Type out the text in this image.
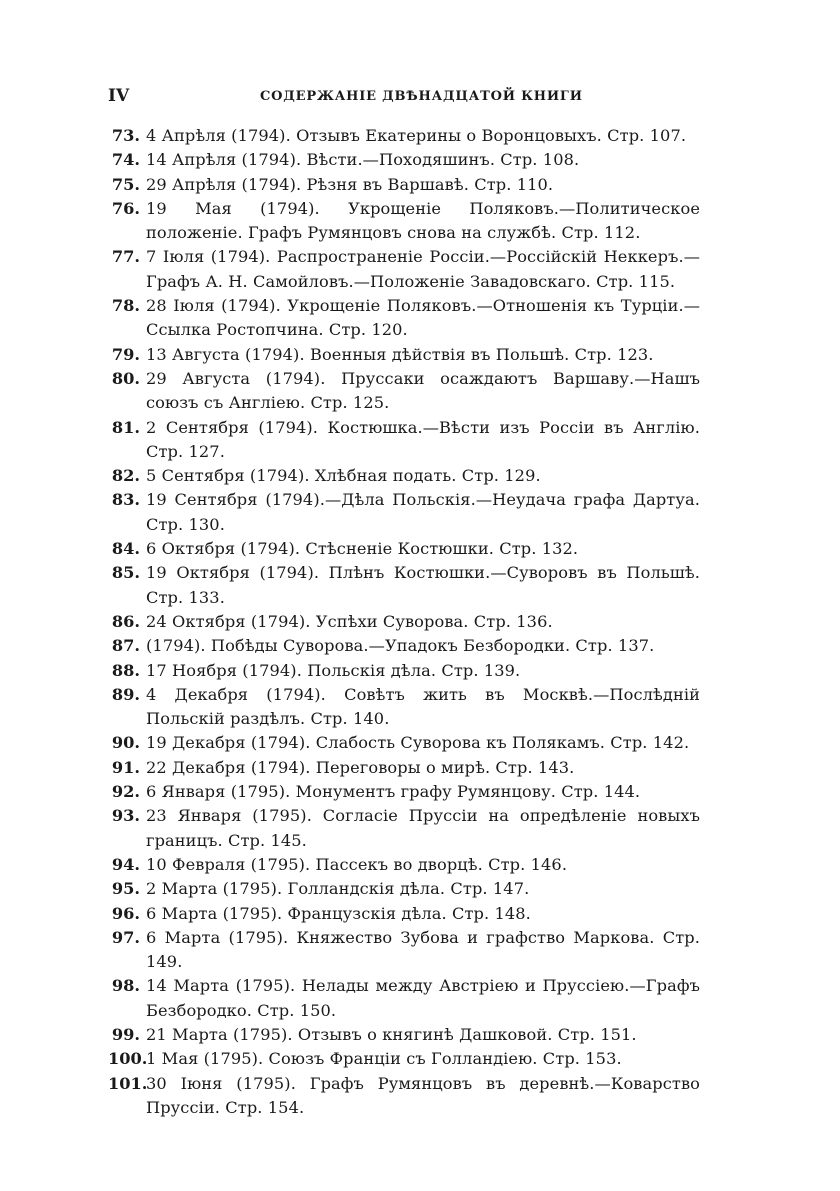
IV	СОДЕРЖАНIЕ ДВѢНАДЦАТОЙ КНИГИ
73. 4 Апрѣля (1794). Отзывъ Екатерины о Воронцовыхъ. Стр. 107.
74. 14 Апрѣля (1794). Вѣсти.—Походяшинъ. Стр. 108.
75. 29 Апрѣля (1794). Рѣзня въ Варшавѣ. Стр. 110.
76. 19 Мая (1794). Укрощенiе Поляковъ.—Политическое положенiе. Графъ Румянцовъ снова на службѣ. Стр. 112.
77. 7 Iюля (1794). Распространенiе Россiи.—Россiйскiй Неккеръ.— Графъ А. Н. Самойловъ.—Положенiе Завадовскаго. Стр. 115.
78. 28 Iюля (1794). Укрощенiе Поляковъ.—Отношенiя къ Турцiи.— Ссылка Ростопчина. Стр. 120.
79. 13 Августа (1794). Военныя дѣйствiя въ Польшѣ. Стр. 123.
80. 29 Августа (1794). Пруссаки осаждаютъ Варшаву.—Нашъ союзъ съ Англiею. Стр. 125.
81. 2 Сентября (1794). Костюшка.—Вѣсти изъ Россiи въ Англiю. Стр. 127.
82. 5 Сентября (1794). Хлѣбная подать. Стр. 129.
83. 19 Сентября (1794).—Дѣла Польскiя.—Неудача графа Дартуа. Стр. 130.
84. 6 Октября (1794). Стѣсненiе Костюшки. Стр. 132.
85. 19 Октября (1794). Плѣнъ Костюшки.—Суворовъ въ Польшѣ. Стр. 133.
86. 24 Октября (1794). Успѣхи Суворова. Стр. 136.
87. (1794). Побѣды Суворова.—Упадокъ Безбородки. Стр. 137.
88. 17 Ноября (1794). Польскiя дѣла. Стр. 139.
89. 4 Декабря (1794). Совѣтъ жить въ Москвѣ.—Послѣднiй Польскiй раздѣлъ. Стр. 140.
90. 19 Декабря (1794). Слабость Суворова къ Полякамъ. Стр. 142.
91. 22 Декабря (1794). Переговоры о мирѣ. Стр. 143.
92. 6 Января (1795). Монументъ графу Румянцову. Стр. 144.
93. 23 Января (1795). Согласiе Пруссiи на опредѣленiе новыхъ границъ. Стр. 145.
94. 10 Февраля (1795). Пассекъ во дворцѣ. Стр. 146.
95. 2 Марта (1795). Голландскiя дѣла. Стр. 147.
96. 6 Марта (1795). Французскiя дѣла. Стр. 148.
97. 6 Марта (1795). Княжество Зубова и графство Маркова. Стр. 149.
98. 14 Марта (1795). Нелады между Австрiею и Пруссiею.—Графъ Безбородко. Стр. 150.
99. 21 Марта (1795). Отзывъ о княгинѣ Дашковой. Стр. 151.
100.
1 Мая (1795). Союзъ Францiи съ Голландiею. Стр. 153.
101.
30 Iюня (1795). Графъ Румянцовъ въ деревнѣ.—Коварство Пруссiи. Стр. 154.
